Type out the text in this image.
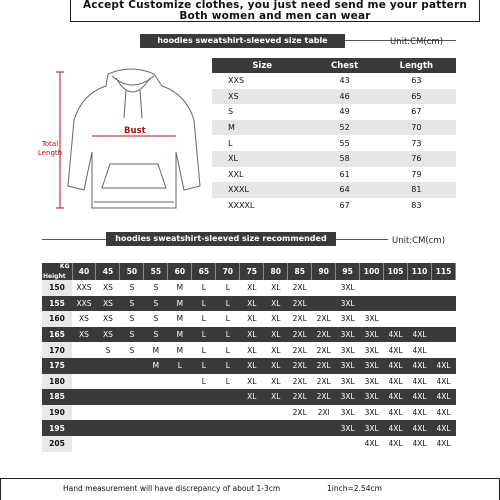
Accept Customize clothes, you just need send me your pattern
Both women and men can wear
hoodies sweatshirt-sleeved size table	Unit:CM(cm)
Bust
Total Length
Size	Chest	Length
XXS	43	63
XS	46	65
S	49	67
M	52	70
L	55	73
XL	58	76
XXL	61	79
XXXL	64	81
XXXXL	67	83
hoodies sweatshirt-sleeved size recommended table
Unit:CM(cm)
KG
Height	40	45	50	55	60	65	70	75	80	85	90	95	100	105	110	115
150	XXS	XS	S	S	M	L	L	XL	XL	2XL		3XL				
155	XXS	XS	S	S	M	L	L	XL	XL	2XL		3XL				
160	XS	XS	S	S	M	L	L	XL	XL	2XL	2XL	3XL	3XL			
165	XS	XS	S	S	M	L	L	XL	XL	2XL	2XL	3XL	3XL	4XL	4XL	
170		S	S	M	M	L	L	XL	XL	2XL	2XL	3XL	3XL	4XL	4XL	
175				M	L	L	L	XL	XL	2XL	2XL	3XL	3XL	4XL	4XL	4XL
180						L	L	XL	XL	2XL	2XL	3XL	3XL	4XL	4XL	4XL
185								XL	XL	2XL	2XL	3XL	3XL	4XL	4XL	4XL
190										2XL	2Xl	3XL	3XL	4XL	4XL	4XL
195												3XL	3XL	4XL	4XL	4XL
205													4XL	4XL	4XL	4XL
Hand measurement will have discrepancy of about 1-3cm	1inch=2.54cm
